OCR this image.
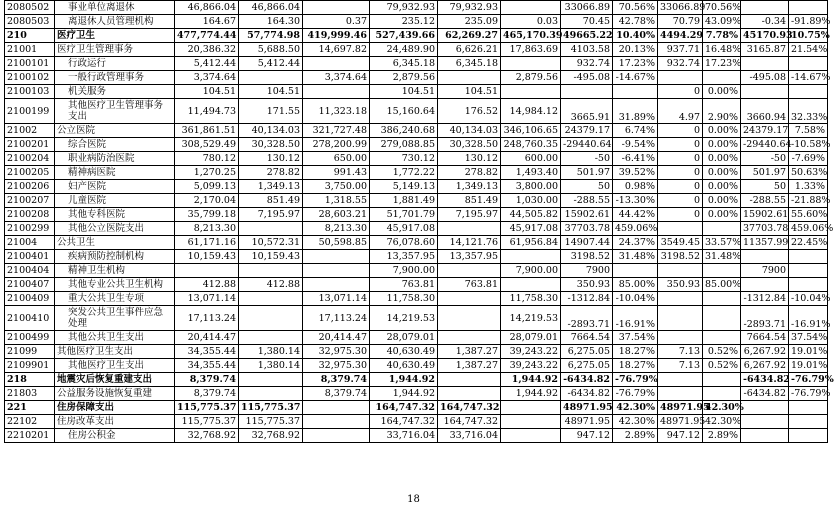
2080502	事业单位离退休	46,866.04	46,866.04		79,932.93	79,932.93		33066.89	70.56%	33066.89	70.56%		
2080503	离退休人员管理机构	164.67	164.30	0.37	235.12	235.09	0.03	70.45	42.78%	70.79	43.09%	-0.34	-91.89%
210	医疗卫生	477,774.44	57,774.98	419,999.46	527,439.66	62,269.27	465,170.39	49665.22	10.40%	4494.29	7.78%	45170.93	10.75%
21001	医疗卫生管理事务	20,386.32	5,688.50	14,697.82	24,489.90	6,626.21	17,863.69	4103.58	20.13%	937.71	16.48%	3165.87	21.54%
2100101	行政运行	5,412.44	5,412.44		6,345.18	6,345.18		932.74	17.23%	932.74	17.23%		
2100102	一般行政管理事务	3,374.64		3,374.64	2,879.56		2,879.56	-495.08	-14.67%			-495.08	-14.67%
2100103	机关服务	104.51	104.51		104.51	104.51				0	0.00%		
2100199	其他医疗卫生管理事务支出	11,494.73	171.55	11,323.18	15,160.64	176.52	14,984.12	3665.91	31.89%	4.97	2.90%	3660.94	32.33%
21002	公立医院	361,861.51	40,134.03	321,727.48	386,240.68	40,134.03	346,106.65	24379.17	6.74%	0	0.00%	24379.17	7.58%
2100201	综合医院	308,529.49	30,328.50	278,200.99	279,088.85	30,328.50	248,760.35	-29440.64	-9.54%	0	0.00%	-29440.64	-10.58%
2100204	职业病防治医院	780.12	130.12	650.00	730.12	130.12	600.00	-50	-6.41%	0	0.00%	-50	-7.69%
2100205	精神病医院	1,270.25	278.82	991.43	1,772.22	278.82	1,493.40	501.97	39.52%	0	0.00%	501.97	50.63%
2100206	妇产医院	5,099.13	1,349.13	3,750.00	5,149.13	1,349.13	3,800.00	50	0.98%	0	0.00%	50	1.33%
2100207	儿童医院	2,170.04	851.49	1,318.55	1,881.49	851.49	1,030.00	-288.55	-13.30%	0	0.00%	-288.55	-21.88%
2100208	其他专科医院	35,799.18	7,195.97	28,603.21	51,701.79	7,195.97	44,505.82	15902.61	44.42%	0	0.00%	15902.61	55.60%
2100299	其他公立医院支出	8,213.30		8,213.30	45,917.08		45,917.08	37703.78	459.06%			37703.78	459.06%
21004	公共卫生	61,171.16	10,572.31	50,598.85	76,078.60	14,121.76	61,956.84	14907.44	24.37%	3549.45	33.57%	11357.99	22.45%
2100401	疾病预防控制机构	10,159.43	10,159.43		13,357.95	13,357.95		3198.52	31.48%	3198.52	31.48%		
2100404	精神卫生机构				7,900.00		7,900.00	7900				7900	
2100407	其他专业公共卫生机构	412.88	412.88		763.81	763.81		350.93	85.00%	350.93	85.00%		
2100409	重大公共卫生专项	13,071.14		13,071.14	11,758.30		11,758.30	-1312.84	-10.04%			-1312.84	-10.04%
2100410	突发公共卫生事件应急处理	17,113.24		17,113.24	14,219.53		14,219.53	-2893.71	-16.91%			-2893.71	-16.91%
2100499	其他公共卫生支出	20,414.47		20,414.47	28,079.01		28,079.01	7664.54	37.54%			7664.54	37.54%
21099	其他医疗卫生支出	34,355.44	1,380.14	32,975.30	40,630.49	1,387.27	39,243.22	6,275.05	18.27%	7.13	0.52%	6,267.92	19.01%
2109901	其他医疗卫生支出	34,355.44	1,380.14	32,975.30	40,630.49	1,387.27	39,243.22	6,275.05	18.27%	7.13	0.52%	6,267.92	19.01%
218	地震灾后恢复重建支出	8,379.74		8,379.74	1,944.92		1,944.92	-6434.82	-76.79%			-6434.82	-76.79%
21803	公益服务设施恢复重建	8,379.74		8,379.74	1,944.92		1,944.92	-6434.82	-76.79%			-6434.82	-76.79%
221	住房保障支出	115,775.37	115,775.37		164,747.32	164,747.32		48971.95	42.30%	48971.95	42.30%		
22102	住房改革支出	115,775.37	115,775.37		164,747.32	164,747.32		48971.95	42.30%	48971.95	42.30%		
2210201	住房公积金	32,768.92	32,768.92		33,716.04	33,716.04		947.12	2.89%	947.12	2.89%		
18
